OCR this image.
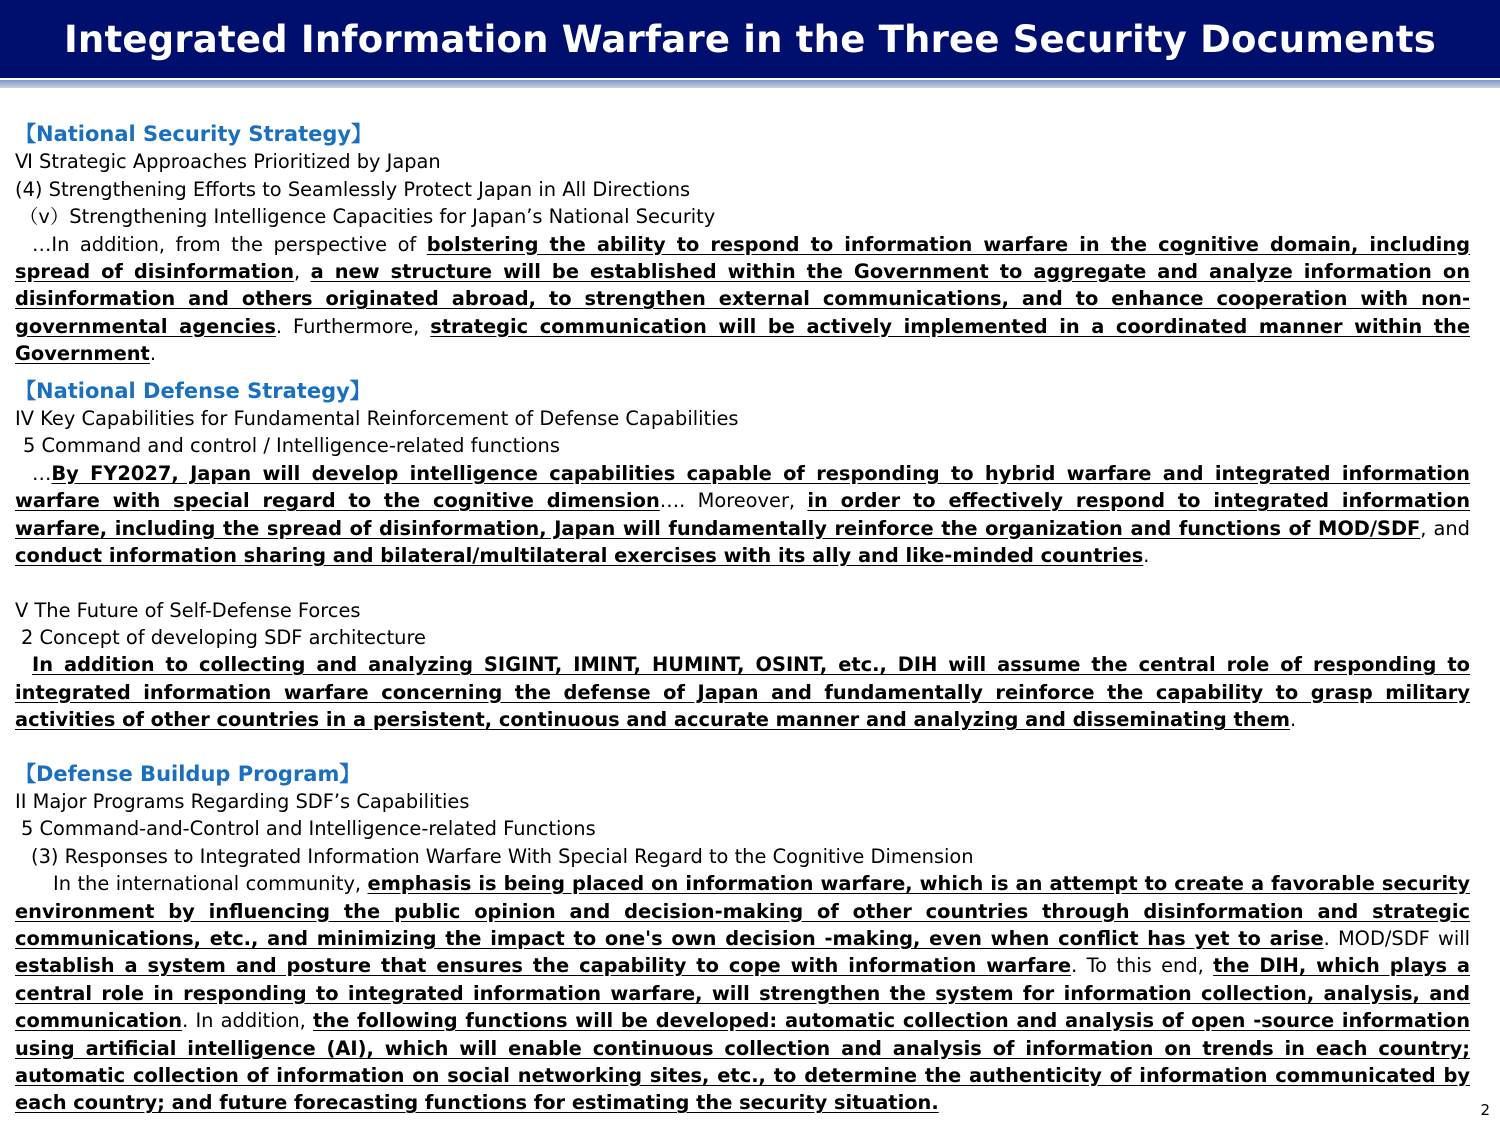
Integrated Information Warfare in the Three Security Documents

【National Security Strategy】

Ⅵ Strategic Approaches Prioritized by Japan

(4) Strengthening Efforts to Seamlessly Protect Japan in All Directions

（ⅴ）Strengthening Intelligence Capacities for Japan’s National Security

…In addition, from the perspective of bolstering the ability to respond to information warfare in the cognitive domain, including spread of disinformation, a new structure will be established within the Government to aggregate and analyze information on disinformation and others originated abroad, to strengthen external communications, and to enhance cooperation with non-governmental agencies. Furthermore, strategic communication will be actively implemented in a coordinated manner within the Government.

【National Defense Strategy】

IV Key Capabilities for Fundamental Reinforcement of Defense Capabilities

5 Command and control / Intelligence-related functions

…By FY2027, Japan will develop intelligence capabilities capable of responding to hybrid warfare and integrated information warfare with special regard to the cognitive dimension…. Moreover, in order to effectively respond to integrated information warfare, including the spread of disinformation, Japan will fundamentally reinforce the organization and functions of MOD/SDF, and conduct information sharing and bilateral/multilateral exercises with its ally and like-minded countries.

V The Future of Self-Defense Forces

2 Concept of developing SDF architecture

In addition to collecting and analyzing SIGINT, IMINT, HUMINT, OSINT, etc., DIH will assume the central role of responding to integrated information warfare concerning the defense of Japan and fundamentally reinforce the capability to grasp military activities of other countries in a persistent, continuous and accurate manner and analyzing and disseminating them.

【Defense Buildup Program】

II Major Programs Regarding SDF’s Capabilities

5 Command-and-Control and Intelligence-related Functions

(3) Responses to Integrated Information Warfare With Special Regard to the Cognitive Dimension

In the international community, emphasis is being placed on information warfare, which is an attempt to create a favorable security environment by influencing the public opinion and decision-making of other countries through disinformation and strategic communications, etc., and minimizing the impact to one's own decision -making, even when conflict has yet to arise. MOD/SDF will establish a system and posture that ensures the capability to cope with information warfare. To this end, the DIH, which plays a central role in responding to integrated information warfare, will strengthen the system for information collection, analysis, and communication. In addition, the following functions will be developed: automatic collection and analysis of open -source information using artificial intelligence (AI), which will enable continuous collection and analysis of information on trends in each country; automatic collection of information on social networking sites, etc., to determine the authenticity of information communicated by each country; and future forecasting functions for estimating the security situation.	2
